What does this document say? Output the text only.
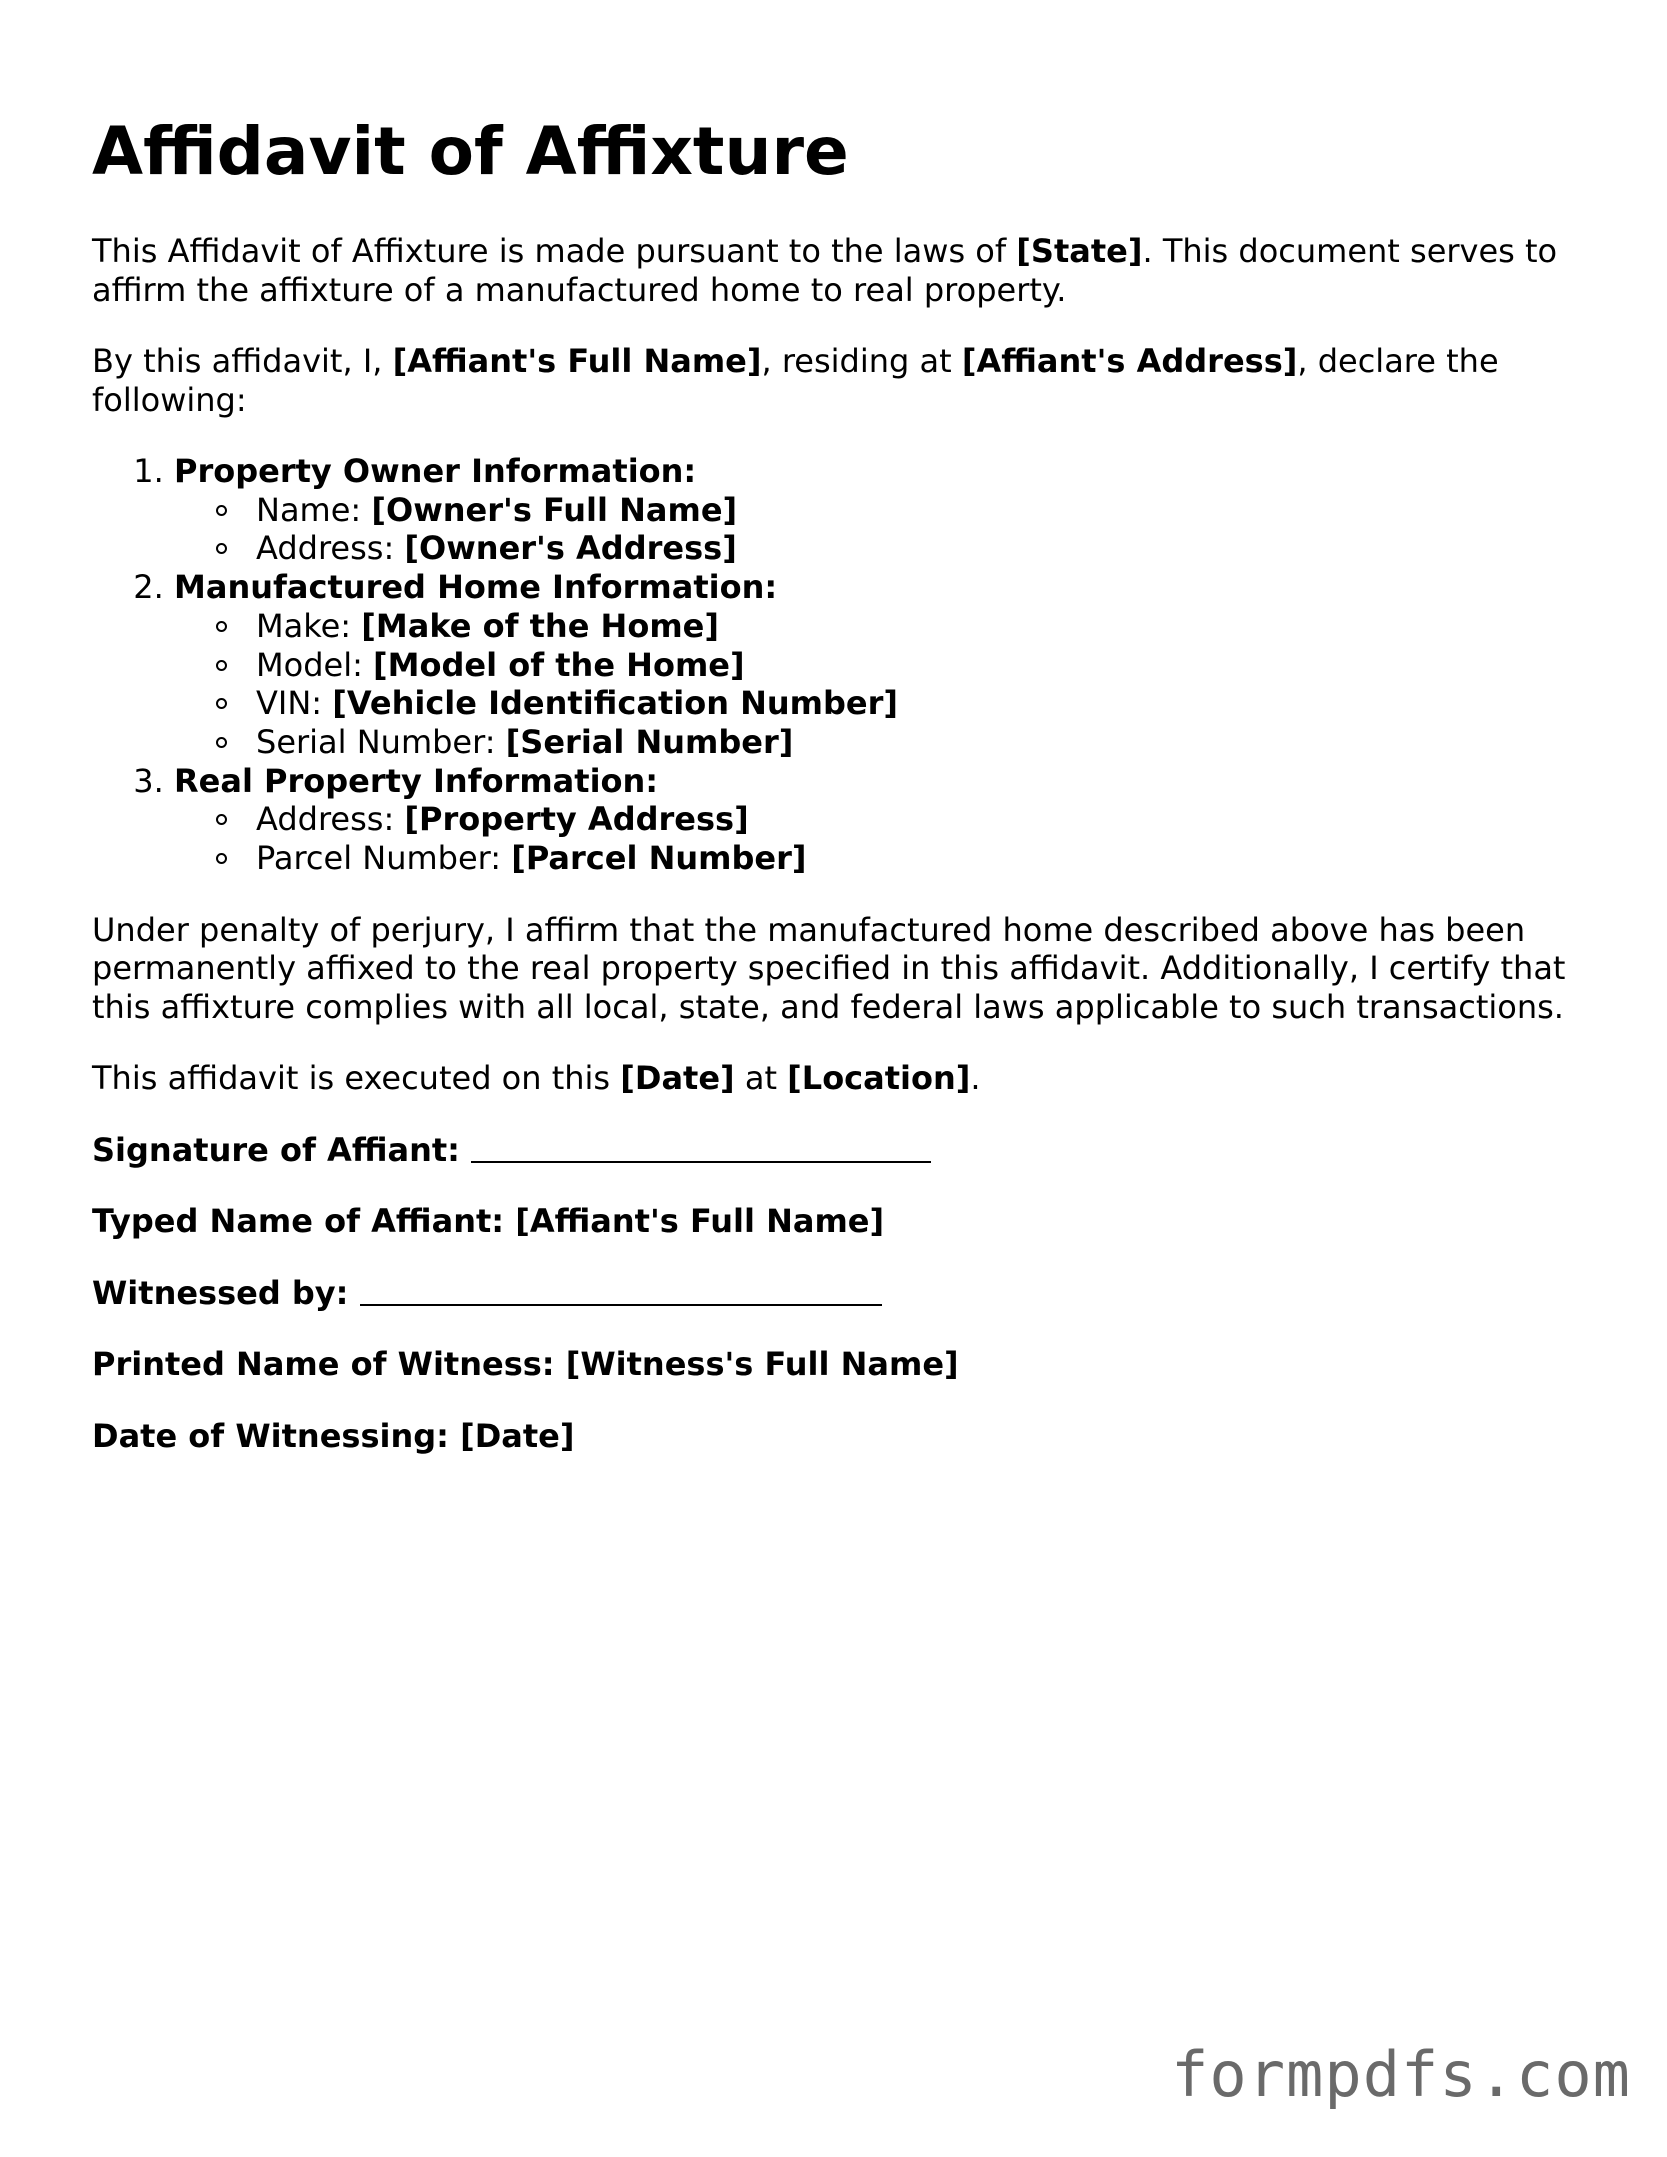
Affidavit of Affixture

This Affidavit of Affixture is made pursuant to the laws of [State]. This document serves to affirm the affixture of a manufactured home to real property.

By this affidavit, I, [Affiant's Full Name], residing at [Affiant's Address], declare the following:

1. Property Owner Information:
Name: [Owner's Full Name]
Address: [Owner's Address]
2. Manufactured Home Information:
Make: [Make of the Home]
Model: [Model of the Home]
VIN: [Vehicle Identification Number]
Serial Number: [Serial Number]
3. Real Property Information:
Address: [Property Address]
Parcel Number: [Parcel Number]

Under penalty of perjury, I affirm that the manufactured home described above has been permanently affixed to the real property specified in this affidavit. Additionally, I certify that this affixture complies with all local, state, and federal laws applicable to such transactions.

This affidavit is executed on this [Date] at [Location].

Signature of Affiant:
Typed Name of Affiant: [Affiant's Full Name]
Witnessed by:
Printed Name of Witness: [Witness's Full Name]
Date of Witnessing: [Date]
formpdfs.com
